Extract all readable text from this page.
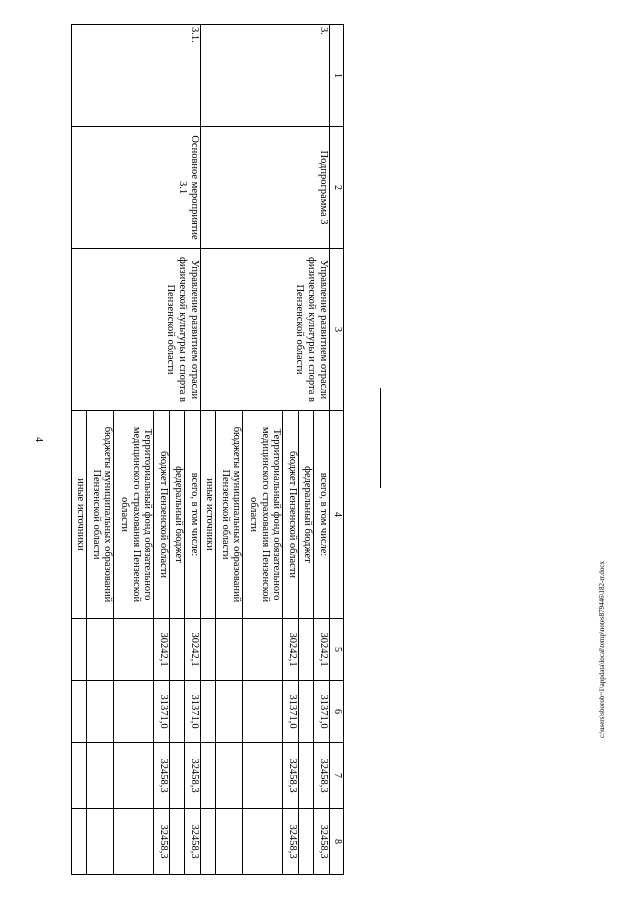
4
c:\users\sborob~1\appdata\local\temp\notes879446\182-rr.docx
1	2	3	4	5	6	7	8
3.	Подпрограмма 3	Управление развитием отрасли физической культуры и спорта в Пензенской области	всего, в том числе:	30242,1	31371,0	32458,3	32458,3
			федеральный бюджет				
			бюджет Пензенской области	30242,1	31371,0	32458,3	32458,3
			Территориальный фонд обязательного медицинского страхования Пензенской области				
			бюджеты муниципальных образований Пензенской области				
			иные источники				
3.1.	Основное мероприятие 3.1	Управление развитием отрасли физической культуры и спорта в Пензенской области	всего, в том числе:	30242,1	31371,0	32458,3	32458,3
			федеральный бюджет				
			бюджет Пензенской области	30242,1	31371,0	32458,3	32458,3
			Территориальный фонд обязательного медицинского страхования Пензенской области				
			бюджеты муниципальных образований Пензенской области				
			иные источники				
